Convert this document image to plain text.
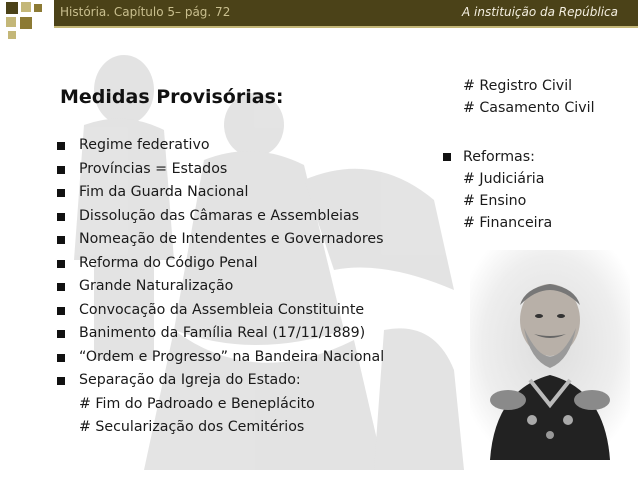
História. Capítulo 5– pág. 72	A instituição da República
Medidas Provisórias:
Regime federativo
Províncias = Estados
Fim da Guarda Nacional
Dissolução das Câmaras e Assembleias
Nomeação de Intendentes e Governadores
Reforma do Código Penal
Grande Naturalização
Convocação da Assembleia Constituinte
Banimento da Família Real (17/11/1889)
“Ordem e Progresso” na Bandeira Nacional
Separação da Igreja do Estado:
# Fim do Padroado e Beneplácito
# Secularização dos Cemitérios
# Registro Civil
# Casamento Civil
Reformas:
# Judiciária
# Ensino
# Financeira
